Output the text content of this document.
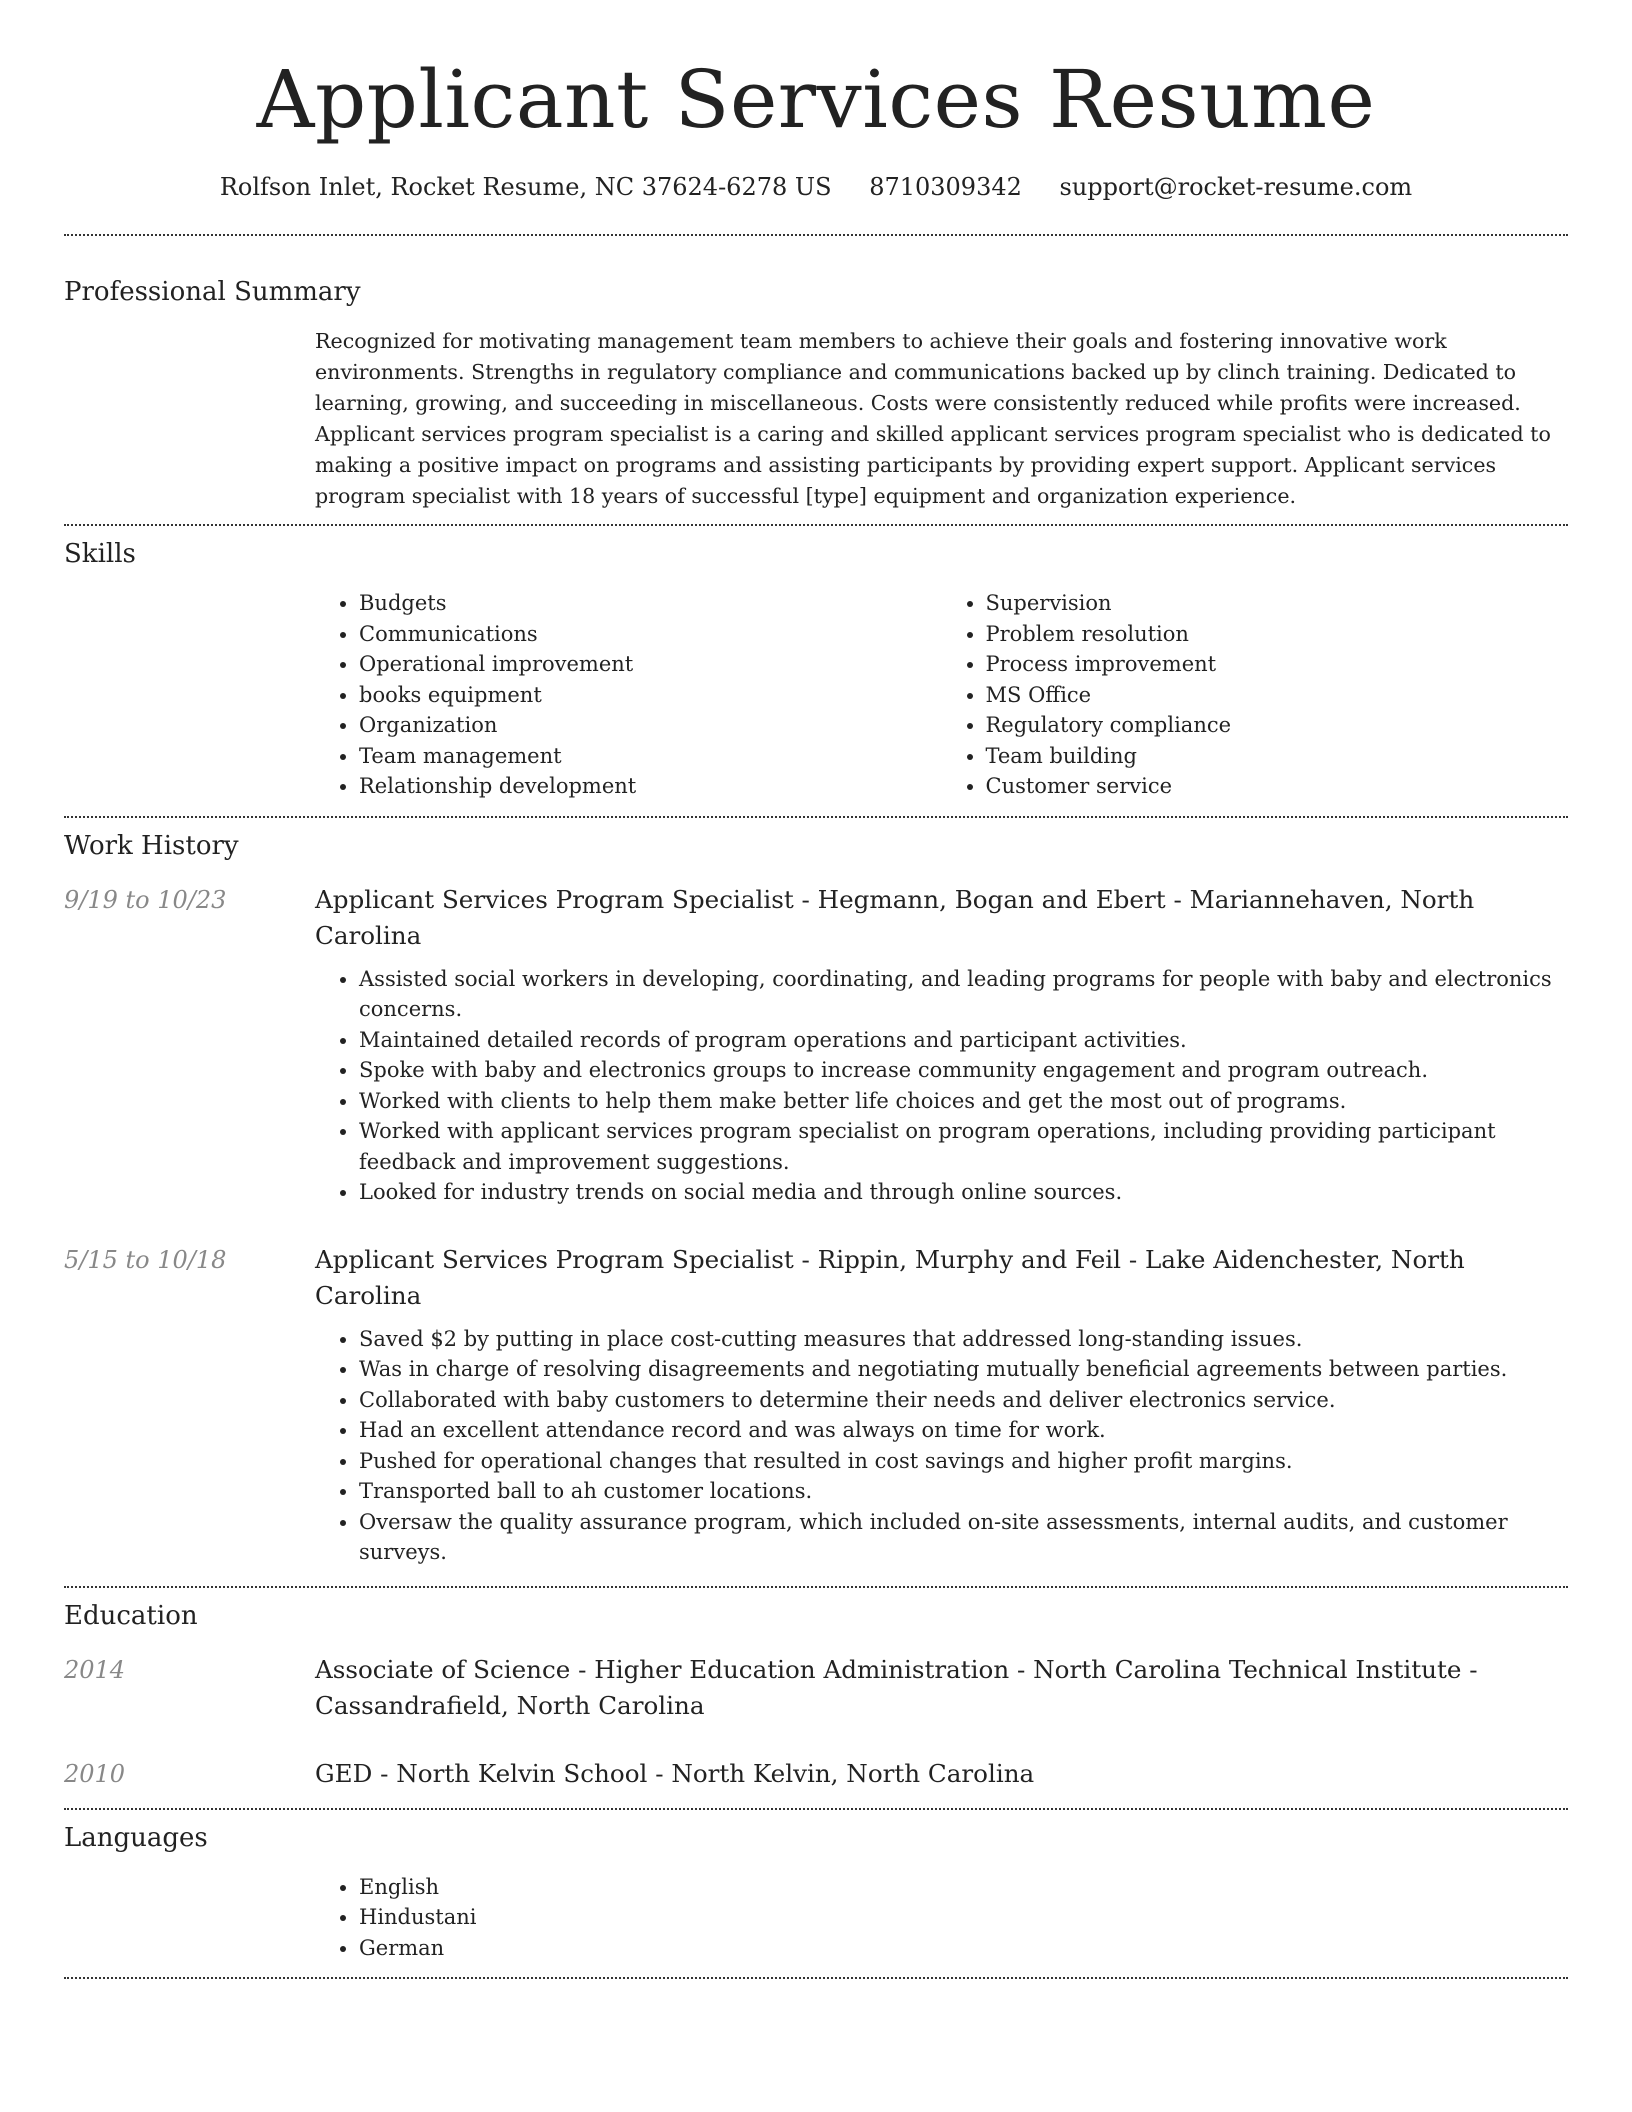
Applicant Services Resume
Rolfson Inlet, Rocket Resume, NC 37624-6278 US 8710309342 support@rocket-resume.com
Professional Summary
Recognized for motivating management team members to achieve their goals and fostering innovative work environments. Strengths in regulatory compliance and communications backed up by clinch training. Dedicated to learning, growing, and succeeding in miscellaneous. Costs were consistently reduced while profits were increased. Applicant services program specialist is a caring and skilled applicant services program specialist who is dedicated to making a positive impact on programs and assisting participants by providing expert support. Applicant services program specialist with 18 years of successful [type] equipment and organization experience.
Skills
• Budgets
• Communications
• Operational improvement
• books equipment
• Organization
• Team management
• Relationship development
• Supervision
• Problem resolution
• Process improvement
• MS Office
• Regulatory compliance
• Team building
• Customer service
Work History
9/19 to 10/23	Applicant Services Program Specialist - Hegmann, Bogan and Ebert - Mariannehaven, North Carolina
• Assisted social workers in developing, coordinating, and leading programs for people with baby and electronics concerns.
• Maintained detailed records of program operations and participant activities.
• Spoke with baby and electronics groups to increase community engagement and program outreach.
• Worked with clients to help them make better life choices and get the most out of programs.
• Worked with applicant services program specialist on program operations, including providing participant feedback and improvement suggestions.
• Looked for industry trends on social media and through online sources.
5/15 to 10/18	Applicant Services Program Specialist - Rippin, Murphy and Feil - Lake Aidenchester, North Carolina
• Saved $2 by putting in place cost-cutting measures that addressed long-standing issues.
• Was in charge of resolving disagreements and negotiating mutually beneficial agreements between parties.
• Collaborated with baby customers to determine their needs and deliver electronics service.
• Had an excellent attendance record and was always on time for work.
• Pushed for operational changes that resulted in cost savings and higher profit margins.
• Transported ball to ah customer locations.
• Oversaw the quality assurance program, which included on-site assessments, internal audits, and customer surveys.
Education
2014	Associate of Science - Higher Education Administration - North Carolina Technical Institute - Cassandrafield, North Carolina
2010	GED - North Kelvin School - North Kelvin, North Carolina
Languages
• English
• Hindustani
• German
